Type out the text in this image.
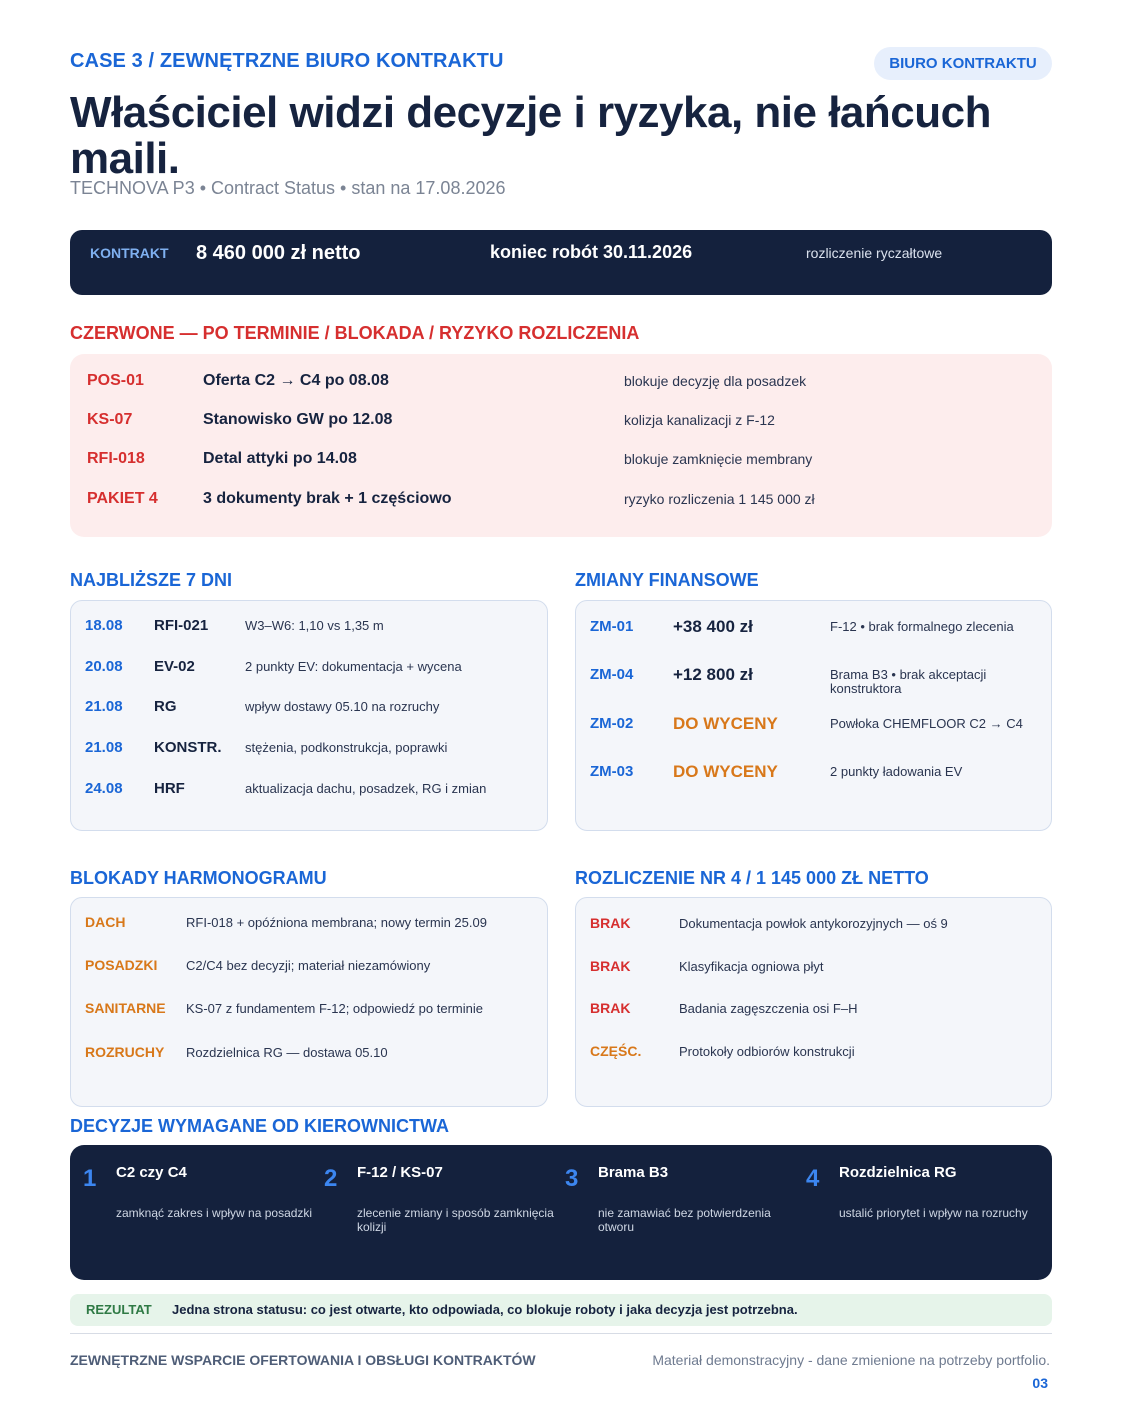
CASE 3 / ZEWNĘTRZNE BIURO KONTRAKTU	BIURO KONTRAKTU
Właściciel widzi decyzje i ryzyka, nie łańcuch maili.
TECHNOVA P3 • Contract Status • stan na 17.08.2026
KONTRAKT 8 460 000 zł netto	koniec robót 30.11.2026	rozliczenie ryczałtowe
CZERWONE — PO TERMINIE / BLOKADA / RYZYKO ROZLICZENIA
POS-01	Oferta C2 → C4 po 08.08	blokuje decyzję dla posadzek
KS-07	Stanowisko GW po 12.08	kolizja kanalizacji z F-12
RFI-018	Detal attyki po 14.08	blokuje zamknięcie membrany
PAKIET 4	3 dokumenty brak + 1 częściowo	ryzyko rozliczenia 1 145 000 zł
NAJBLIŻSZE 7 DNI
18.08 RFI-021	W3–W6: 1,10 vs 1,35 m
20.08 EV-02	2 punkty EV: dokumentacja + wycena
21.08 RG	wpływ dostawy 05.10 na rozruchy
21.08 KONSTR. stężenia, podkonstrukcja, poprawki
24.08 HRF	aktualizacja dachu, posadzek, RG i zmian
ZMIANY FINANSOWE
ZM-01 +38 400 zł	F-12 • brak formalnego zlecenia
ZM-04 +12 800 zł	Brama B3 • brak akceptacji
konstruktora
ZM-02 DO WYCENY	Powłoka CHEMFLOOR C2 → C4
ZM-03 DO WYCENY	2 punkty ładowania EV
BLOKADY HARMONOGRAMU
DACH	RFI-018 + opóźniona membrana; nowy termin 25.09
POSADZKI C2/C4 bez decyzji; materiał niezamówiony
SANITARNE KS-07 z fundamentem F-12; odpowiedź po terminie
ROZRUCHY Rozdzielnica RG — dostawa 05.10
ROZLICZENIE NR 4 / 1 145 000 ZŁ NETTO
BRAK	Dokumentacja powłok antykorozyjnych — oś 9
BRAK	Klasyfikacja ogniowa płyt
BRAK	Badania zagęszczenia osi F–H
CZĘŚC.	Protokoły odbiorów konstrukcji
DECYZJE WYMAGANE OD KIEROWNICTWA
1 C2 czy C4
zamknąć zakres i wpływ na posadzki
2 F-12 / KS-07
zlecenie zmiany i sposób zamknięcia kolizji
3 Brama B3
nie zamawiać bez potwierdzenia otworu
4 Rozdzielnica RG
ustalić priorytet i wpływ na rozruchy
REZULTAT Jedna strona statusu: co jest otwarte, kto odpowiada, co blokuje roboty i jaka decyzja jest potrzebna.
ZEWNĘTRZNE WSPARCIE OFERTOWANIA I OBSŁUGI KONTRAKTÓW	Materiał demonstracyjny - dane zmienione na potrzeby portfolio.
03
